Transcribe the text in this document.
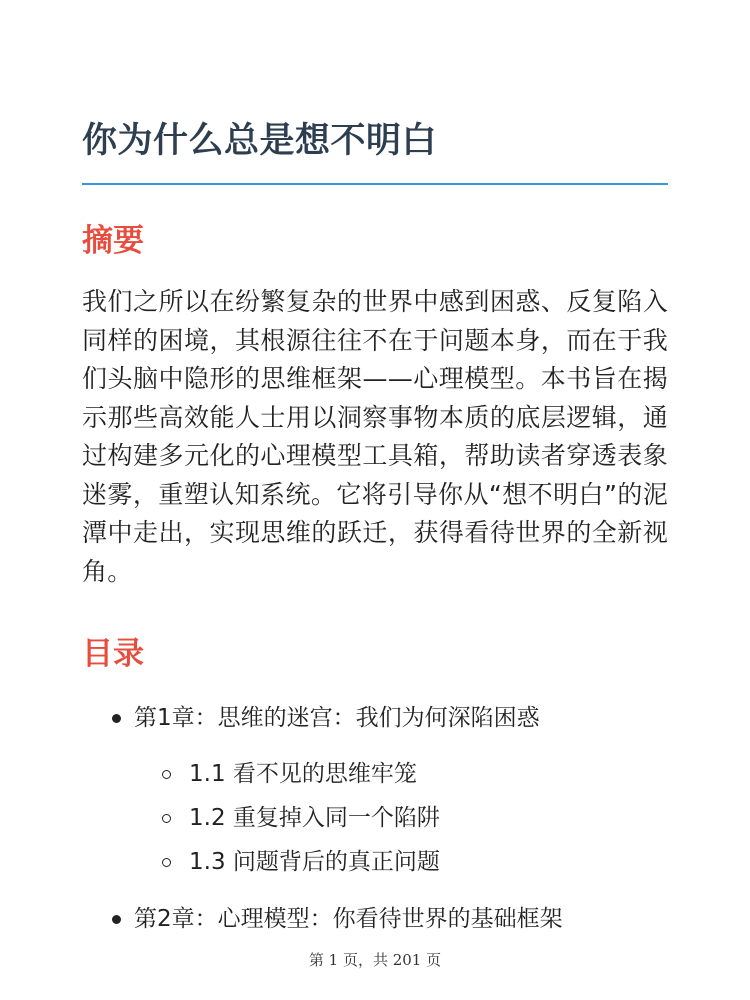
你为什么总是想不明白
摘要

我们之所以在纷繁复杂的世界中感到困惑、反复陷入同样的困境，其根源往往不在于问题本身，而在于我们头脑中隐形的思维框架——心理模型。本书旨在揭示那些高效能人士用以洞察事物本质的底层逻辑，通过构建多元化的心理模型工具箱，帮助读者穿透表象迷雾，重塑认知系统。它将引导你从“想不明白”的泥潭中走出，实现思维的跃迁，获得看待世界的全新视角。

目录
第1章：思维的迷宫：我们为何深陷困惑
1.1 看不见的思维牢笼
1.2 重复掉入同一个陷阱
1.3 问题背后的真正问题
第2章：心理模型：你看待世界的基础框架
第 1 页，共 201 页
